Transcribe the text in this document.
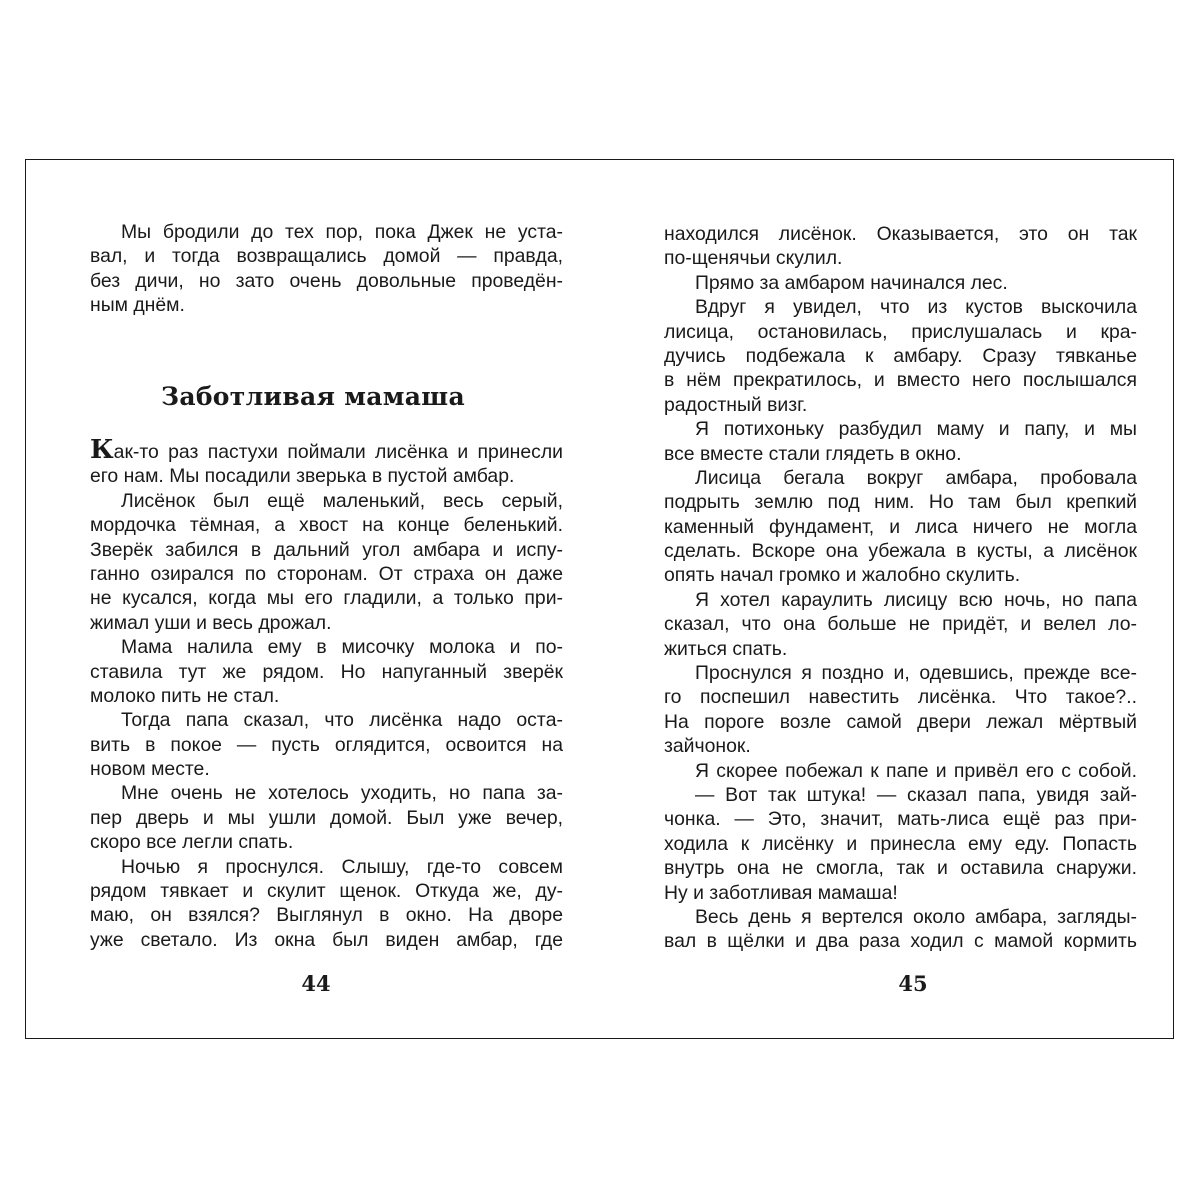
Мы бродили до тех пор, пока Джек не уста-
вал, и тогда возвращались домой — правда,
без дичи, но зато очень довольные проведён-
ным днём.
Заботливая мамаша
Как-то раз пастухи поймали лисёнка и принесли
его нам. Мы посадили зверька в пустой амбар.
Лисёнок был ещё маленький, весь серый,
мордочка тёмная, а хвост на конце беленький.
Зверёк забился в дальний угол амбара и испу-
ганно озирался по сторонам. От страха он даже
не кусался, когда мы его гладили, а только при-
жимал уши и весь дрожал.
Мама налила ему в мисочку молока и по-
ставила тут же рядом. Но напуганный зверёк
молоко пить не стал.
Тогда папа сказал, что лисёнка надо остa-
вить в покое — пусть оглядится, освоится на
новом месте.
Мне очень не хотелось уходить, но папа за-
пер дверь и мы ушли домой. Был уже вечер,
скоро все легли спать.
Ночью я проснулся. Слышу, где-то совсем
рядом тявкает и скулит щенок. Откуда же, ду-
маю, он взялся? Выглянул в окно. На дворе
уже светало. Из окна был виден амбар, где
44
находился лисёнок. Оказывается, это он так
по-щенячьи скулил.
Прямо за амбаром начинался лес.
Вдруг я увидел, что из кустов выскочила
лисица, остановилась, прислушалась и кра-
дучись подбежала к амбару. Сразу тявканье
в нём прекратилось, и вместо него послышался
радостный визг.
Я потихоньку разбудил маму и папу, и мы
все вместе стали глядеть в окно.
Лисица бегала вокруг амбара, пробовала
подрыть землю под ним. Но там был крепкий
каменный фундамент, и лиса ничего не могла
сделать. Вскоре она убежала в кусты, а лисёнок
опять начал громко и жалобно скулить.
Я хотел караулить лисицу всю ночь, но папа
сказал, что она больше не придёт, и велел ло-
житься спать.
Проснулся я поздно и, одевшись, прежде все-
го поспешил навестить лисёнка. Что такое?..
На пороге возле самой двери лежал мёртвый
зайчонок.
Я скорее побежал к папе и привёл его с собой.
— Вот так штука! — сказал папа, увидя зай-
чонка. — Это, значит, мать-лиса ещё раз при-
ходила к лисёнку и принесла ему еду. Попасть
внутрь она не смогла, так и оставила снаружи.
Ну и заботливая мамаша!
Весь день я вертелся около амбара, загляды-
вал в щёлки и два раза ходил с мамой кормить
45
